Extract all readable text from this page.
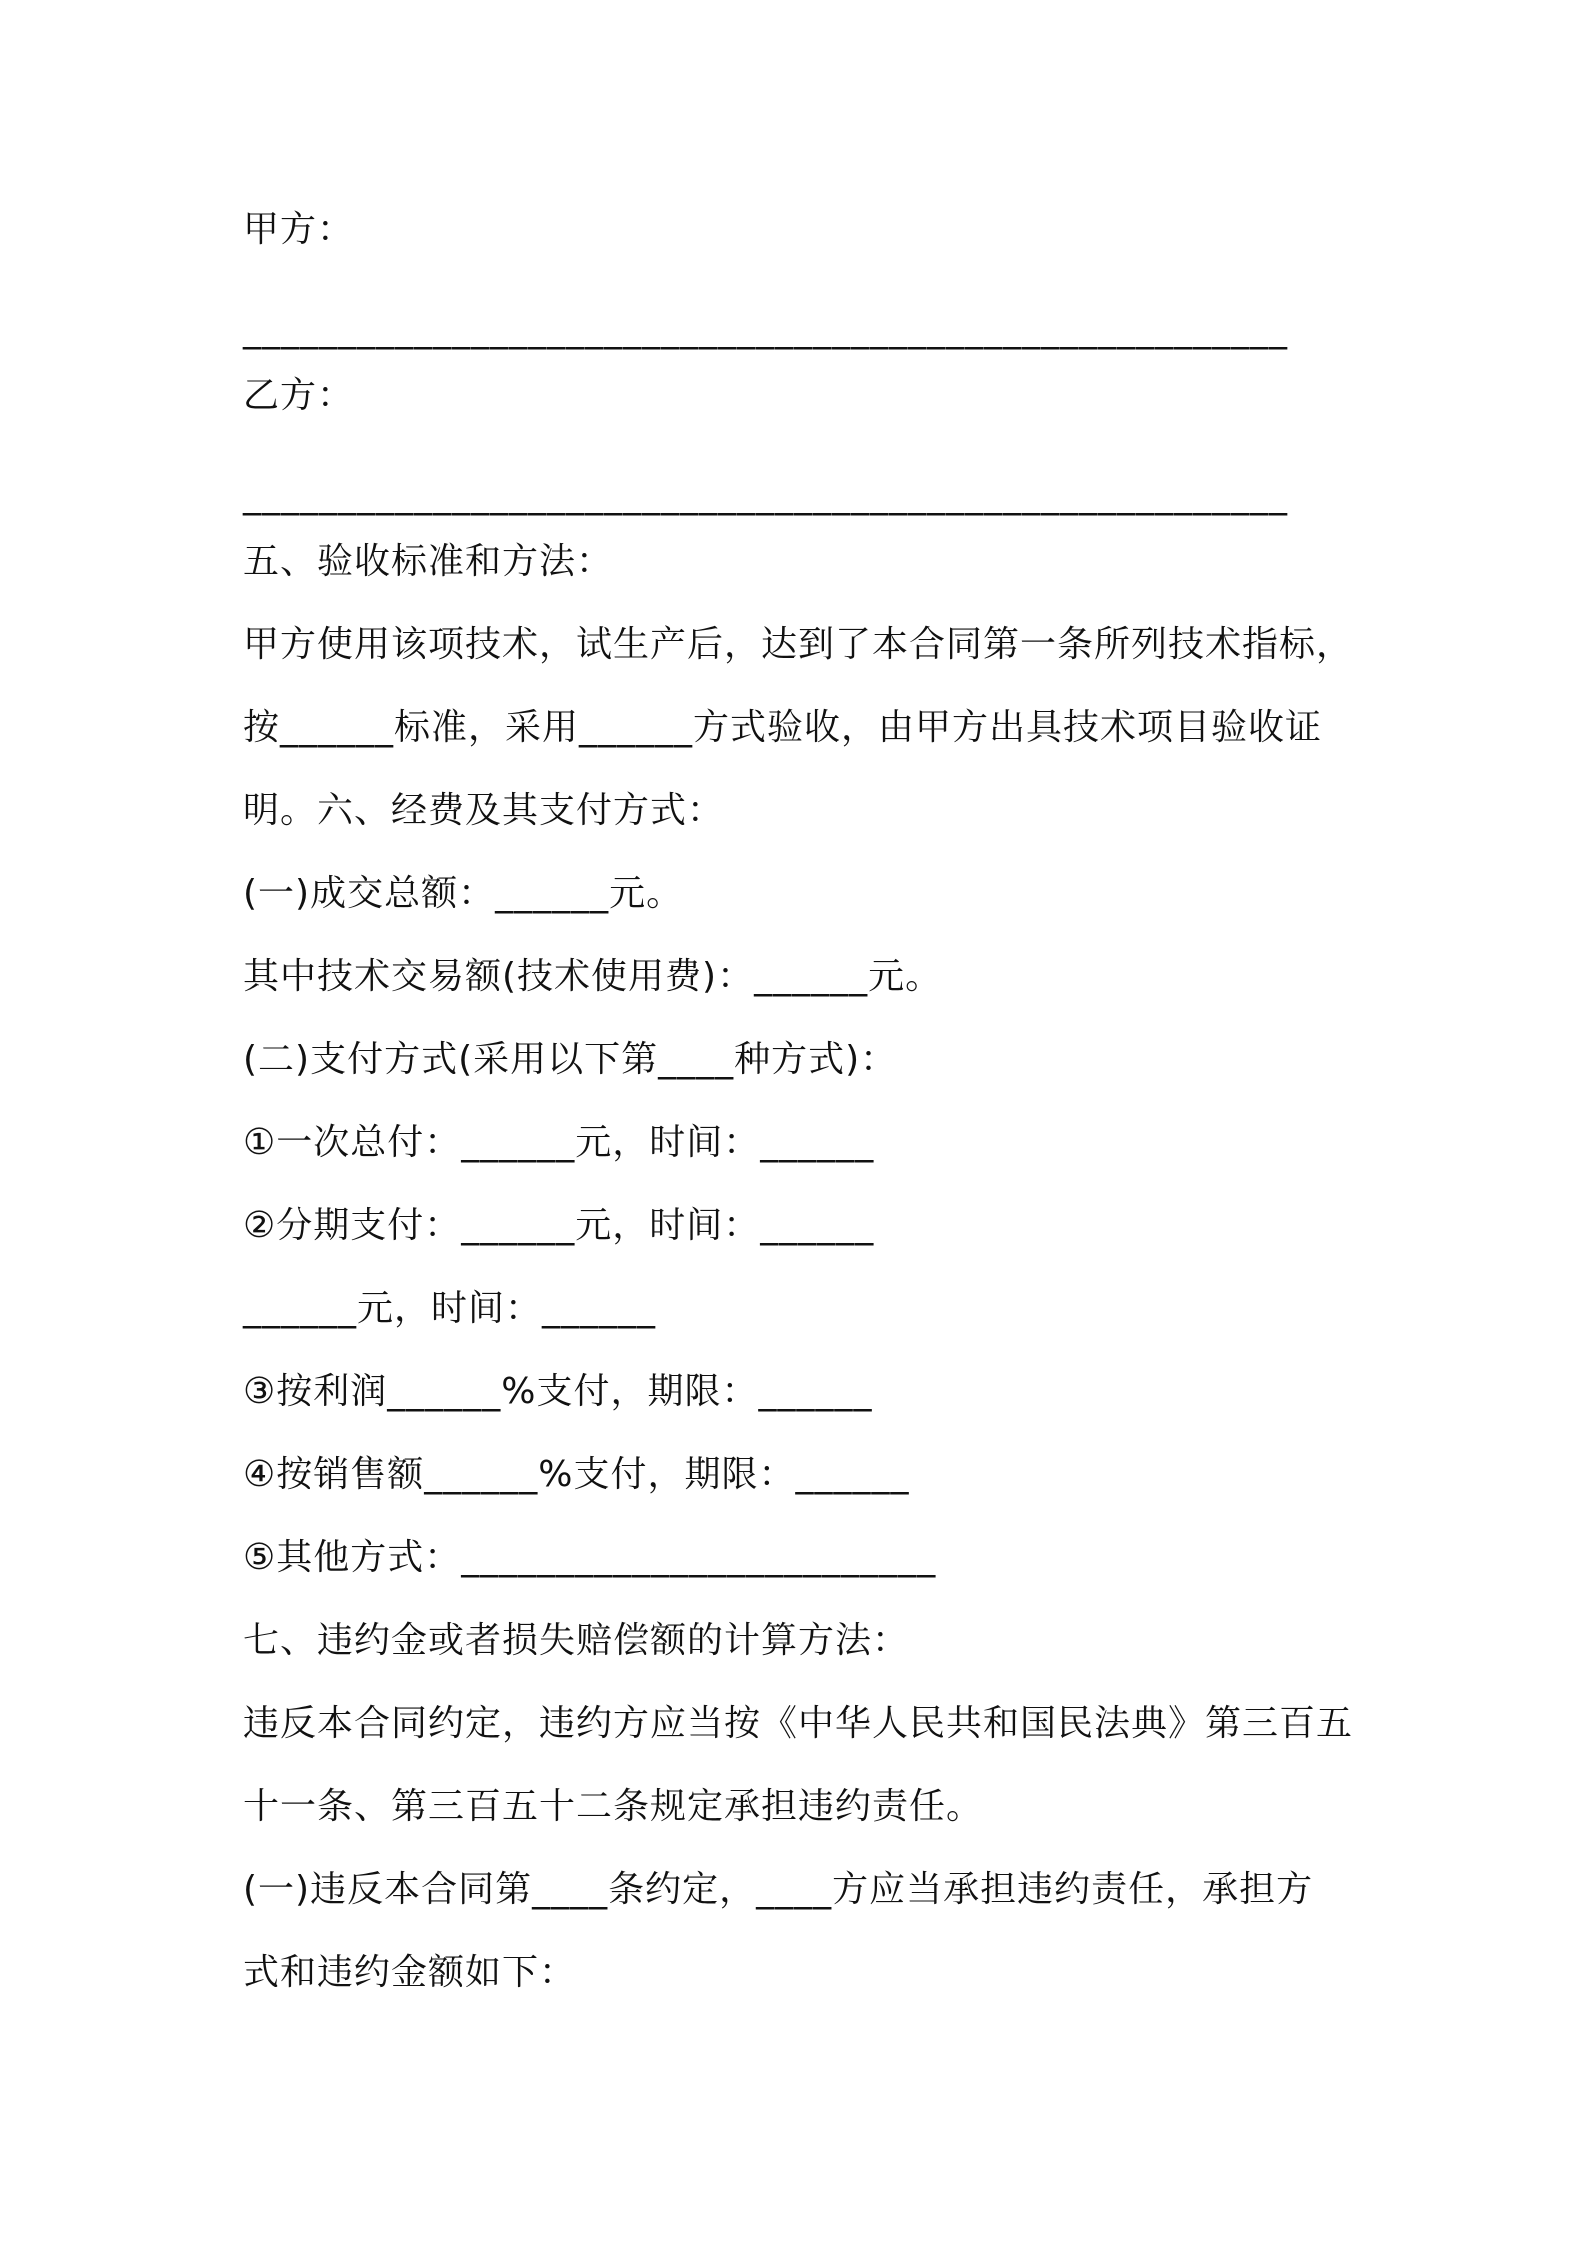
甲方：
_______________________________________________________
乙方：
_______________________________________________________
五、验收标准和方法：
甲方使用该项技术，试生产后，达到了本合同第一条所列技术指标，
按______标准，采用______方式验收，由甲方出具技术项目验收证
明。六、经费及其支付方式：
(一)成交总额：______元。
其中技术交易额(技术使用费)：______元。
(二)支付方式(采用以下第____种方式)：
①一次总付：______元，时间：______
②分期支付：______元，时间：______
______元，时间：______
③按利润______%支付，期限：______
④按销售额______%支付，期限：______
⑤其他方式：_________________________
七、违约金或者损失赔偿额的计算方法：
违反本合同约定，违约方应当按《中华人民共和国民法典》第三百五
十一条、第三百五十二条规定承担违约责任。
(一)违反本合同第____条约定，____方应当承担违约责任，承担方
式和违约金额如下：
